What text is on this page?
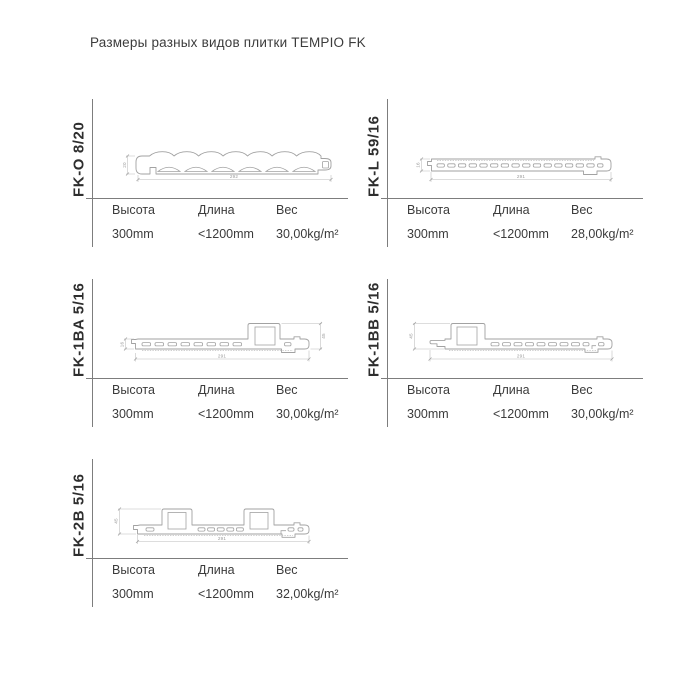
Размеры разных видов плитки TEMPIO FK
FK-O 8/20	292
20
Высота	Длина	Вес
300mm	<1200mm	30,00kg/m²
FK-L 59/16	291
16
Высота	Длина	Вес
300mm	<1200mm	28,00kg/m²
FK-1BA 5/16	291
16
45
Высота	Длина	Вес
300mm	<1200mm	30,00kg/m²
FK-1BB 5/16	291
45
Высота	Длина	Вес
300mm	<1200mm	30,00kg/m²
FK-2B 5/16	291
45
Высота	Длина	Вес
300mm	<1200mm	32,00kg/m²
